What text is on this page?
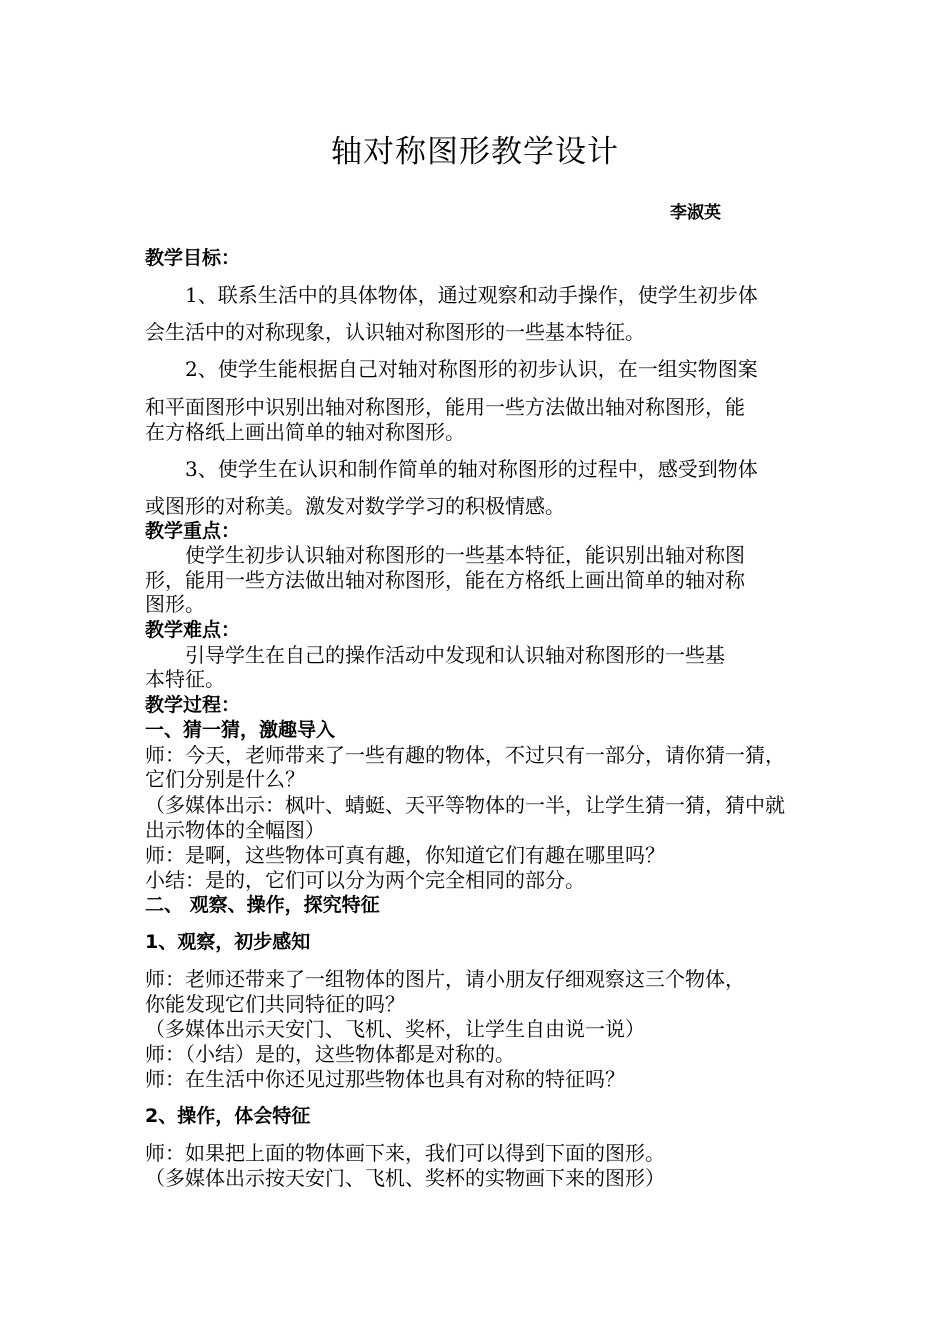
轴对称图形教学设计
李淑英
教学目标：
1、联系生活中的具体物体，通过观察和动手操作，使学生初步体
会生活中的对称现象，认识轴对称图形的一些基本特征。
2、使学生能根据自己对轴对称图形的初步认识，在一组实物图案
和平面图形中识别出轴对称图形，能用一些方法做出轴对称图形，能
在方格纸上画出简单的轴对称图形。
3、使学生在认识和制作简单的轴对称图形的过程中，感受到物体
或图形的对称美。激发对数学学习的积极情感。
教学重点：
使学生初步认识轴对称图形的一些基本特征，能识别出轴对称图
形，能用一些方法做出轴对称图形，能在方格纸上画出简单的轴对称
图形。
教学难点：
引导学生在自己的操作活动中发现和认识轴对称图形的一些基
本特征。
教学过程：
一、猜一猜，激趣导入
师：今天，老师带来了一些有趣的物体，不过只有一部分，请你猜一猜，
它们分别是什么？
（多媒体出示：枫叶、蜻蜓、天平等物体的一半，让学生猜一猜，猜中就
出示物体的全幅图）
师：是啊，这些物体可真有趣，你知道它们有趣在哪里吗？
小结：是的，它们可以分为两个完全相同的部分。
二、 观察、操作，探究特征
1、观察，初步感知
师：老师还带来了一组物体的图片，请小朋友仔细观察这三个物体，
你能发现它们共同特征的吗？
（多媒体出示天安门、飞机、奖杯，让学生自由说一说）
师：（小结）是的，这些物体都是对称的。
师：在生活中你还见过那些物体也具有对称的特征吗？
2、操作，体会特征
师：如果把上面的物体画下来，我们可以得到下面的图形。
（多媒体出示按天安门、飞机、奖杯的实物画下来的图形）
